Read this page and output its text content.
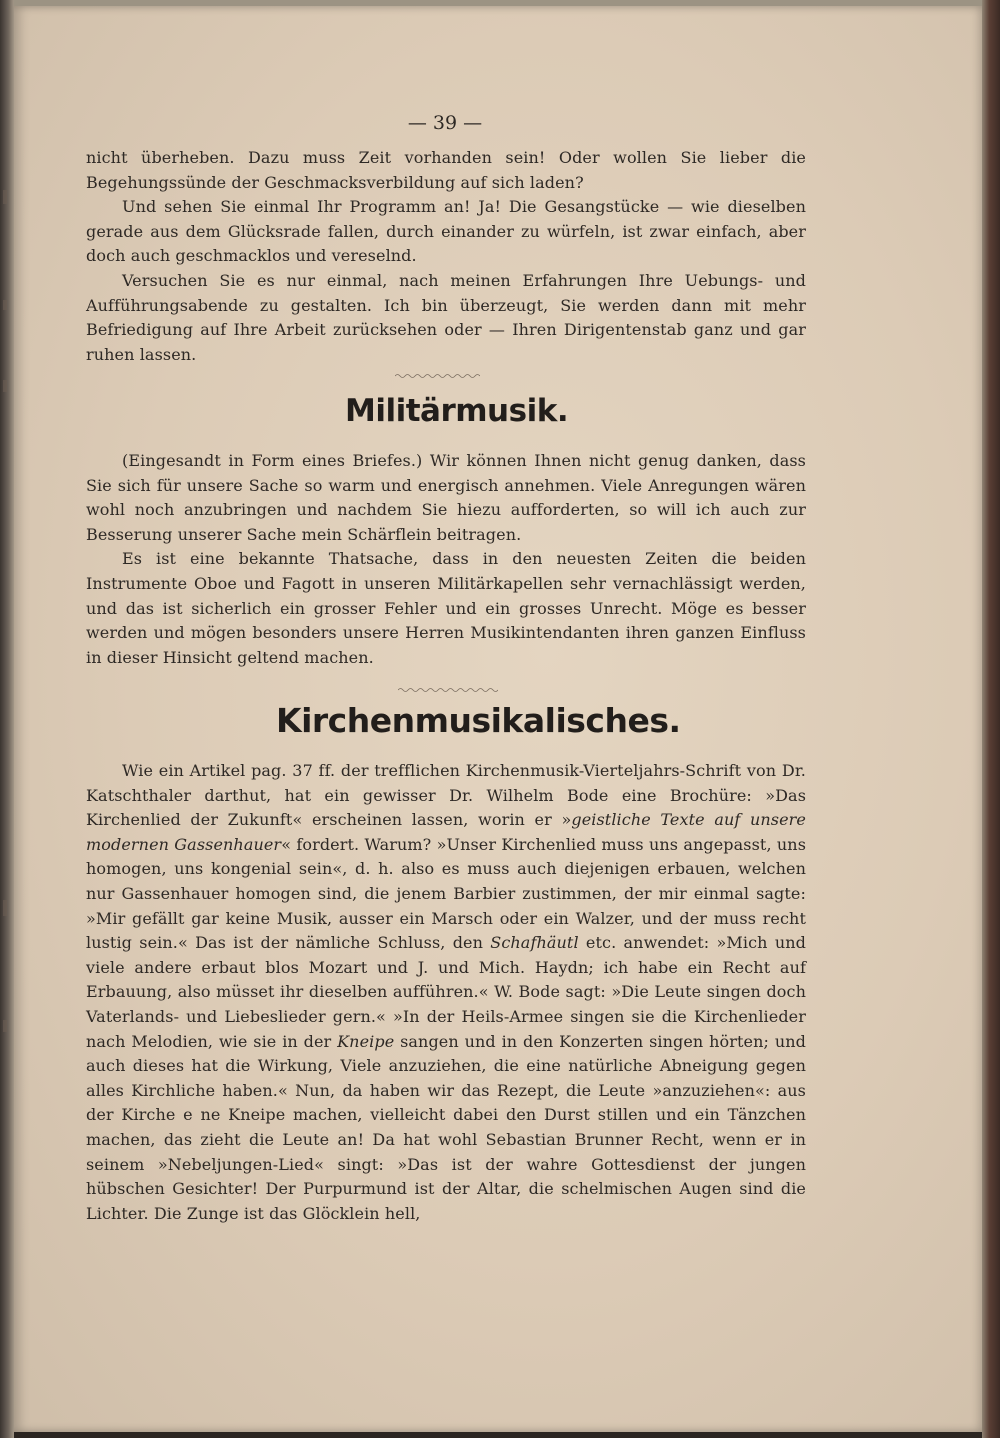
— 39 —

nicht überheben. Dazu muss Zeit vorhanden sein! Oder wollen Sie lieber die Begehungssünde der Geschmacksverbildung auf sich laden?

Und sehen Sie einmal Ihr Programm an! Ja! Die Gesangstücke — wie dieselben gerade aus dem Glücksrade fallen, durch einander zu würfeln, ist zwar einfach, aber doch auch geschmacklos und vereselnd.

Versuchen Sie es nur einmal, nach meinen Erfahrungen Ihre Uebungs- und Aufführungsabende zu gestalten. Ich bin überzeugt, Sie werden dann mit mehr Befriedigung auf Ihre Arbeit zurücksehen oder — Ihren Dirigentenstab ganz und gar ruhen lassen.

Militärmusik.

(Eingesandt in Form eines Briefes.) Wir können Ihnen nicht genug danken, dass Sie sich für unsere Sache so warm und energisch annehmen. Viele Anregungen wären wohl noch anzubringen und nachdem Sie hiezu aufforderten, so will ich auch zur Besserung unserer Sache mein Schärflein beitragen.

Es ist eine bekannte Thatsache, dass in den neuesten Zeiten die beiden Instrumente Oboe und Fagott in unseren Militärkapellen sehr vernachlässigt werden, und das ist sicherlich ein grosser Fehler und ein grosses Unrecht. Möge es besser werden und mögen besonders unsere Herren Musikintendanten ihren ganzen Einfluss in dieser Hinsicht geltend machen.

Kirchenmusikalisches.

Wie ein Artikel pag. 37 ff. der trefflichen Kirchenmusik-Vierteljahrs-Schrift von Dr. Katschthaler darthut, hat ein gewisser Dr. Wilhelm Bode eine Brochüre: »Das Kirchenlied der Zukunft« erscheinen lassen, worin er »geistliche Texte auf unsere modernen Gassenhauer« fordert. Warum? »Unser Kirchenlied muss uns angepasst, uns homogen, uns kongenial sein«, d. h. also es muss auch diejenigen erbauen, welchen nur Gassenhauer homogen sind, die jenem Barbier zustimmen, der mir einmal sagte: »Mir gefällt gar keine Musik, ausser ein Marsch oder ein Walzer, und der muss recht lustig sein.« Das ist der nämliche Schluss, den Schafhäutl etc. anwendet: »Mich und viele andere erbaut blos Mozart und J. und Mich. Haydn; ich habe ein Recht auf Erbauung, also müsset ihr dieselben aufführen.« W. Bode sagt: »Die Leute singen doch Vaterlands- und Liebeslieder gern.« »In der Heils-Armee singen sie die Kirchenlieder nach Melodien, wie sie in der Kneipe sangen und in den Konzerten singen hörten; und auch dieses hat die Wirkung, Viele anzuziehen, die eine natürliche Abneigung gegen alles Kirchliche haben.« Nun, da haben wir das Rezept, die Leute »anzuziehen«: aus der Kirche e ne Kneipe machen, vielleicht dabei den Durst stillen und ein Tänzchen machen, das zieht die Leute an! Da hat wohl Sebastian Brunner Recht, wenn er in seinem »Nebeljungen-Lied« singt: »Das ist der wahre Gottesdienst der jungen hübschen Gesichter! Der Purpurmund ist der Altar, die schelmischen Augen sind die Lichter. Die Zunge ist das Glöcklein hell,
